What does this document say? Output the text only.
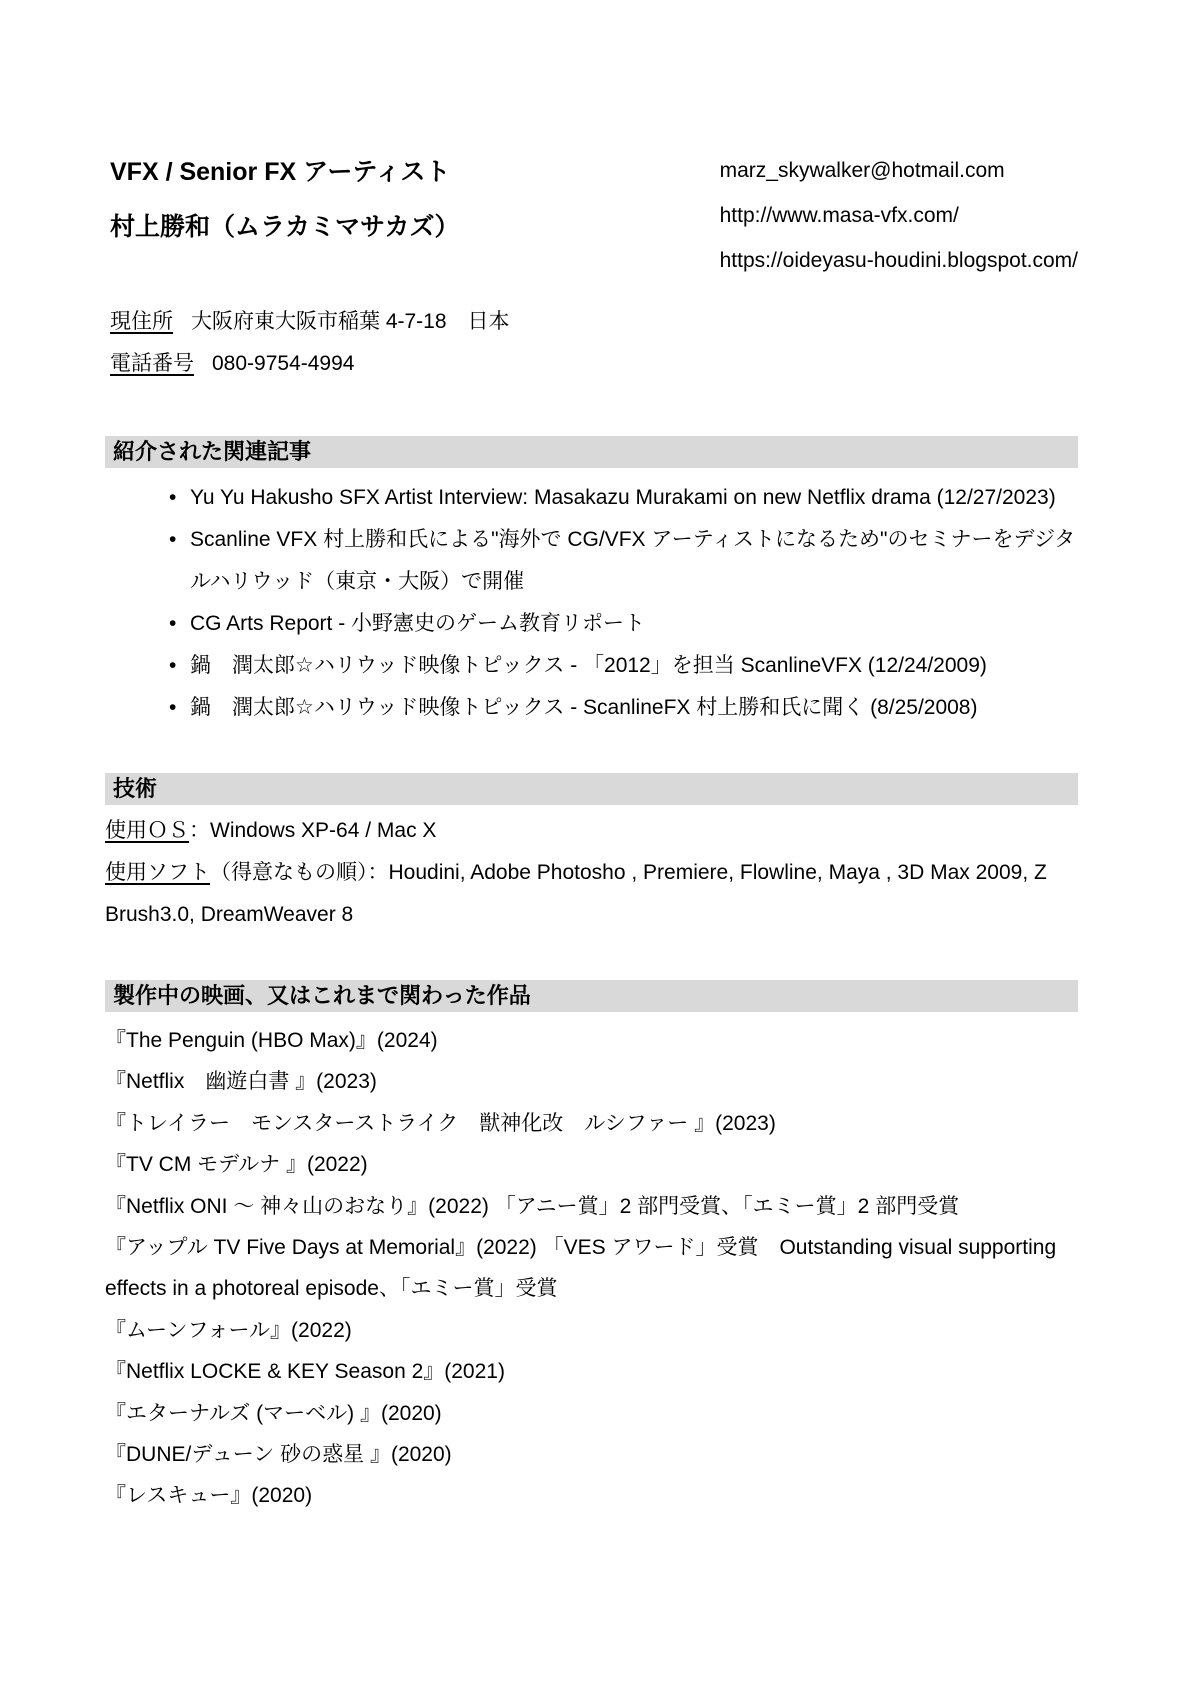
VFX / Senior FX アーティスト
村上勝和（ムラカミマサカズ）
marz_skywalker@hotmail.com
http://www.masa-vfx.com/
https://oideyasu-houdini.blogspot.com/
現住所 大阪府東大阪市稲葉 4-7-18　日本
電話番号 080-9754-4994
紹介された関連記事
• Yu Yu Hakusho SFX Artist Interview: Masakazu Murakami on new Netflix drama (12/27/2023)
• Scanline VFX 村上勝和氏による"海外で CG/VFX アーティストになるため"のセミナーをデジタルハリウッド（東京・大阪）で開催
• CG Arts Report - 小野憲史のゲーム教育リポート
• 鍋　潤太郎☆ハリウッド映像トピックス - 「2012」を担当 ScanlineVFX (12/24/2009)
• 鍋　潤太郎☆ハリウッド映像トピックス - ScanlineFX 村上勝和氏に聞く (8/25/2008)
技術
使用ＯＳ：Windows XP-64 / Mac X
使用ソフト（得意なもの順）：Houdini, Adobe Photosho , Premiere, Flowline, Maya , 3D Max 2009, Z Brush3.0, DreamWeaver 8
製作中の映画、又はこれまで関わった作品
『The Penguin (HBO Max)』(2024)
『Netflix　幽遊白書 』(2023)
『トレイラー　モンスターストライク　獣神化改　ルシファー 』(2023)
『TV CM モデルナ 』(2022)
『Netflix ONI ～ 神々山のおなり』(2022) 「アニー賞」2 部門受賞、「エミー賞」2 部門受賞
『アップル TV Five Days at Memorial』(2022) 「VES アワード」受賞　Outstanding visual supporting effects in a photoreal episode、「エミー賞」受賞
『ムーンフォール』(2022)
『Netflix LOCKE & KEY Season 2』(2021)
『エターナルズ (マーベル) 』(2020)
『DUNE/デューン 砂の惑星 』(2020)
『レスキュー』(2020)
